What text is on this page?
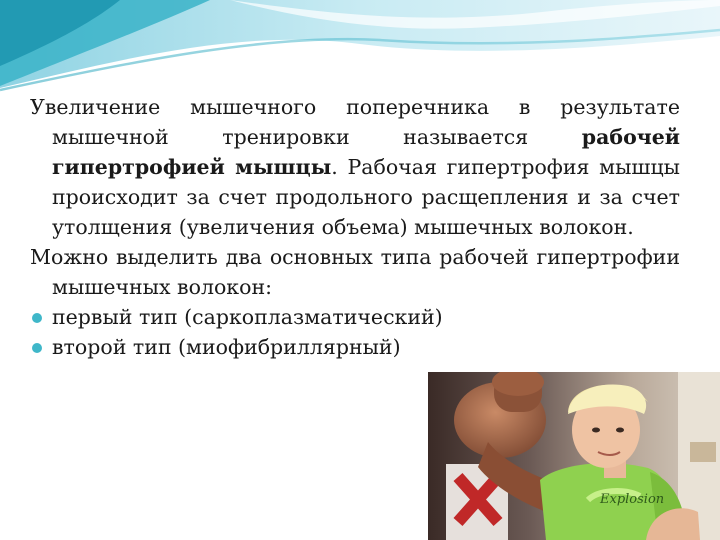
Увеличение мышечного поперечника в результате мышечной тренировки называется рабочей гипертрофией мышцы. Рабочая гипертрофия мышцы происходит за счет продольного расщепления и за счет утолщения (увеличения объема) мышечных волокон.

Можно выделить два основных типа рабочей гипертрофии мышечных волокон:

первый тип (саркоплазматический)
второй тип (миофибриллярный)
Explosion
